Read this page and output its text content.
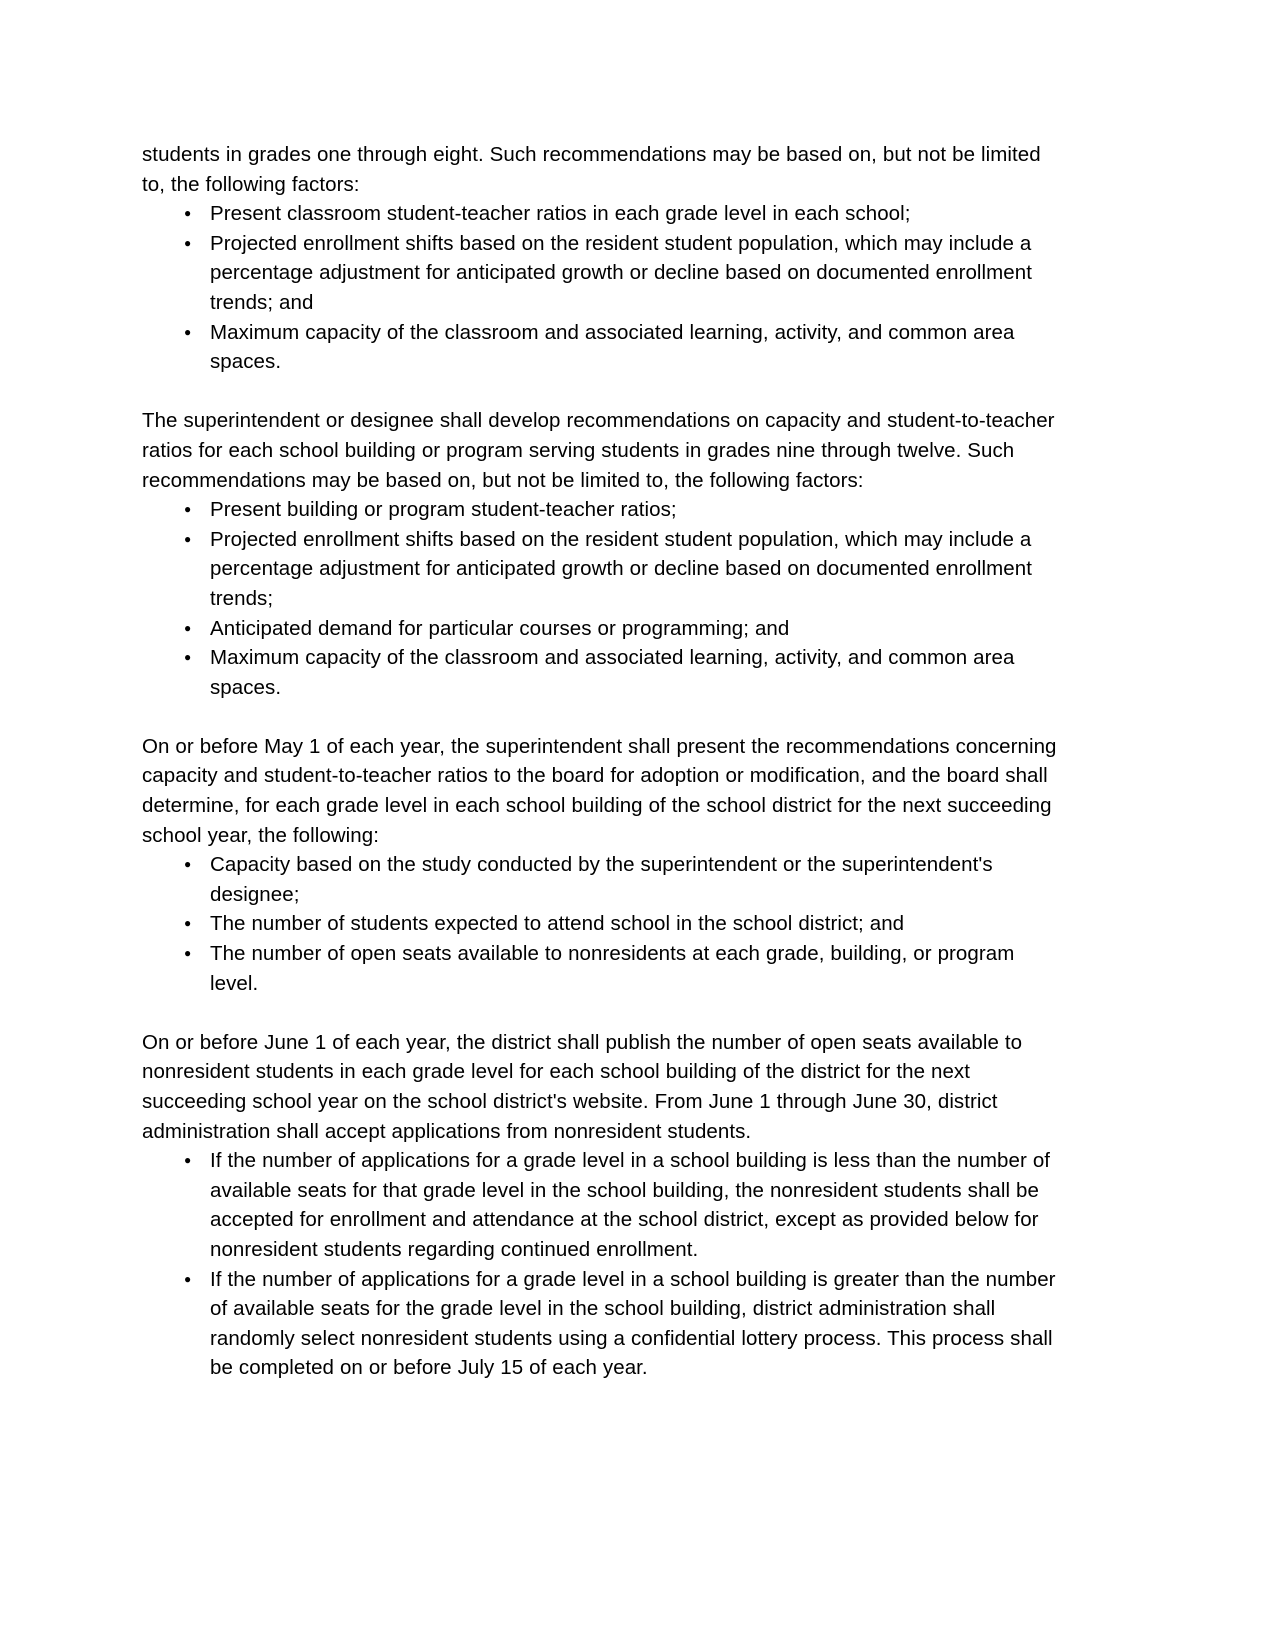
students in grades one through eight. Such recommendations may be based on, but not be limited to, the following factors:

● Present classroom student-teacher ratios in each grade level in each school;
● Projected enrollment shifts based on the resident student population, which may include a percentage adjustment for anticipated growth or decline based on documented enrollment trends; and
● Maximum capacity of the classroom and associated learning, activity, and common area spaces.

The superintendent or designee shall develop recommendations on capacity and student-to-teacher ratios for each school building or program serving students in grades nine through twelve. Such recommendations may be based on, but not be limited to, the following factors:

● Present building or program student-teacher ratios;
● Projected enrollment shifts based on the resident student population, which may include a percentage adjustment for anticipated growth or decline based on documented enrollment trends;
● Anticipated demand for particular courses or programming; and
● Maximum capacity of the classroom and associated learning, activity, and common area spaces.

On or before May 1 of each year, the superintendent shall present the recommendations concerning capacity and student-to-teacher ratios to the board for adoption or modification, and the board shall determine, for each grade level in each school building of the school district for the next succeeding school year, the following:

● Capacity based on the study conducted by the superintendent or the superintendent's designee;
● The number of students expected to attend school in the school district; and
● The number of open seats available to nonresidents at each grade, building, or program level.

On or before June 1 of each year, the district shall publish the number of open seats available to nonresident students in each grade level for each school building of the district for the next succeeding school year on the school district's website. From June 1 through June 30, district administration shall accept applications from nonresident students.

● If the number of applications for a grade level in a school building is less than the number of available seats for that grade level in the school building, the nonresident students shall be accepted for enrollment and attendance at the school district, except as provided below for nonresident students regarding continued enrollment.
● If the number of applications for a grade level in a school building is greater than the number of available seats for the grade level in the school building, district administration shall randomly select nonresident students using a confidential lottery process. This process shall be completed on or before July 15 of each year.
